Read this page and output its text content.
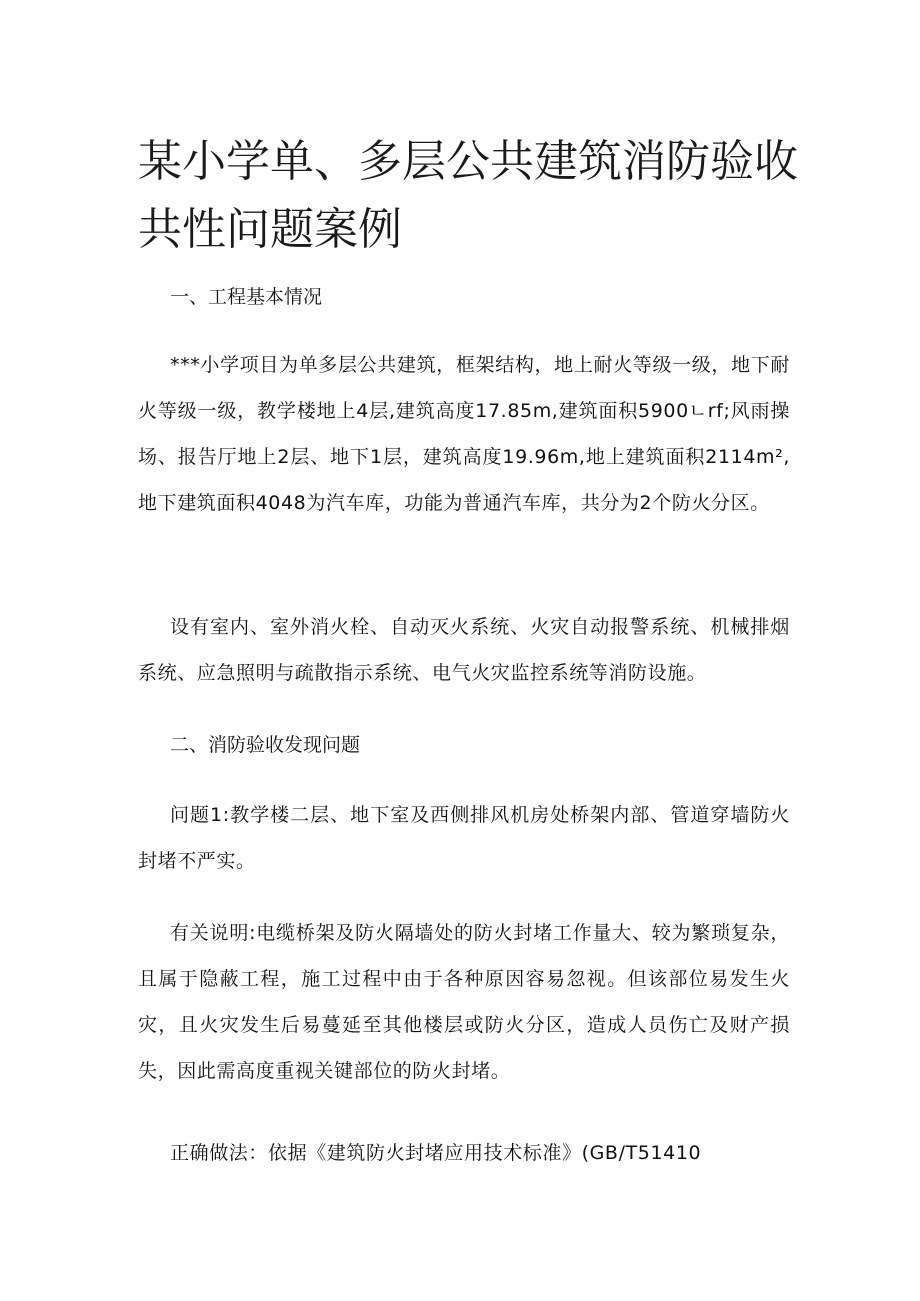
某小学单、多层公共建筑消防验收共性问题案例
一、工程基本情况

***小学项目为单多层公共建筑，框架结构，地上耐火等级一级，地下耐火等级一级，教学楼地上4层,建筑高度17.85m,建筑面积5900ㄴrf;风雨操场、报告厅地上2层、地下1层，建筑高度19.96m,地上建筑面积2114m²,地下建筑面积4048为汽车库，功能为普通汽车库，共分为2个防火分区。

设有室内、室外消火栓、自动灭火系统、火灾自动报警系统、机械排烟系统、应急照明与疏散指示系统、电气火灾监控系统等消防设施。

二、消防验收发现问题

问题1:教学楼二层、地下室及西侧排风机房处桥架内部、管道穿墙防火封堵不严实。

有关说明:电缆桥架及防火隔墙处的防火封堵工作量大、较为繁琐复杂，且属于隐蔽工程，施工过程中由于各种原因容易忽视。但该部位易发生火灾，且火灾发生后易蔓延至其他楼层或防火分区，造成人员伤亡及财产损失，因此需高度重视关键部位的防火封堵。

正确做法：依据《建筑防火封堵应用技术标准》(GB/T51410
